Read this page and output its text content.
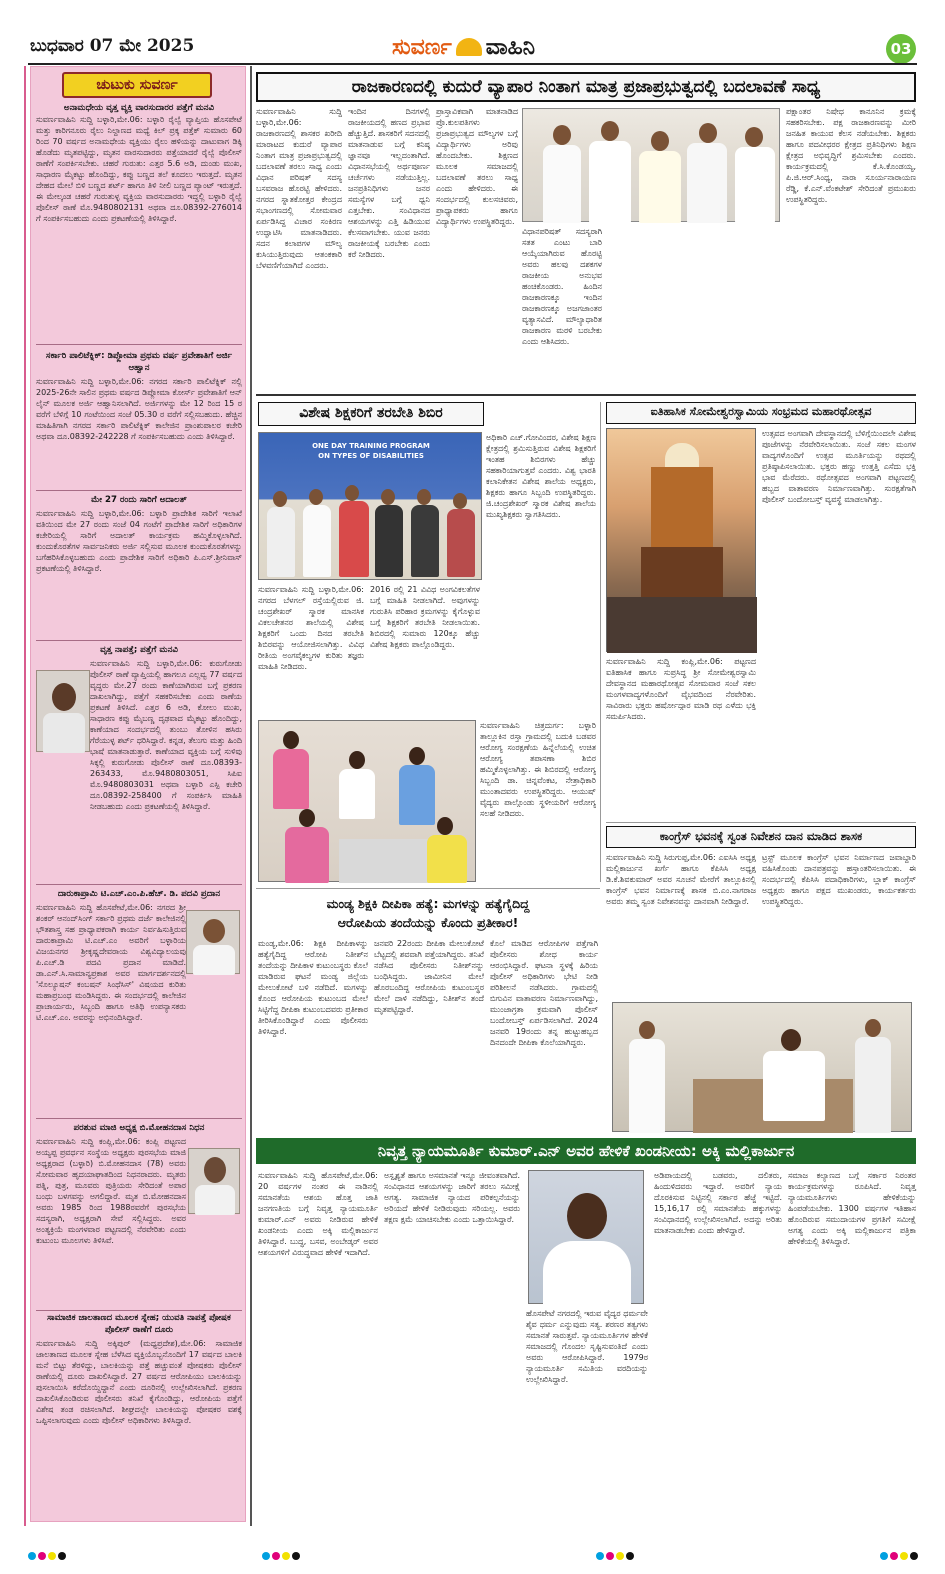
ಬುಧವಾರ 07 ಮೇ 2025	ಸುವರ್ಣ ವಾಹಿನಿ	03
ಚುಟುಕು ಸುವರ್ಣ
ಅನಾಮಧೇಯ ವೃತ್ತ ವ್ಯಕ್ತಿ ವಾರಸುದಾರರ ಪತ್ತೆಗೆ ಮನವಿ
ಸುವರ್ಣವಾಹಿನಿ ಸುದ್ದಿ ಬಳ್ಳಾರಿ,ಮೇ.06: ಬಳ್ಳಾರಿ ರೈಲ್ವೆ ವ್ಯಾಪ್ತಿಯ ಹೊಸಪೇಟೆ ಮತ್ತು ಕಾರಿಗನೂರು ರೈಲು ನಿಲ್ದಾಣದ ಮಧ್ಯೆ ಕಿಲ್ ಪ್ರಕ್ಕ ಪತ್ತೆಕ್ ಸುಮಾರು 60 ರಿಂದ 70 ವರ್ಷದ ಅನಾಮಧೇಯ ವ್ಯಕ್ತಿಯು ರೈಲು ಹಳಿಯನ್ನು ದಾಟುವಾಗ ಡಿಕ್ಕಿ ಹೊಡೆದು ಮೃತಪಟ್ಟಿದ್ದು, ಮೃತನ ವಾರಸುದಾರರು ಪತ್ತೆಯಾದರೆ ರೈಲ್ವೆ ಪೊಲೀಸ್ ಠಾಣೆಗೆ ಸಂಪರ್ಕಿಸಬೇಕು. ಚಹರೆ ಗುರುತು: ಎತ್ತರ 5.6 ಅಡಿ, ದುಂಡು ಮುಖ, ಸಾಧಾರಣ ಮೈಕಟ್ಟು ಹೊಂದಿದ್ದು, ಕಪ್ಪು ಬಣ್ಣದ ತಲೆ ಕೂದಲು ಇರುತ್ತದೆ. ಮೃತನ ದೇಹದ ಮೇಲೆ ಬಿಳಿ ಬಣ್ಣದ ಶರ್ಟ್ ಹಾಗೂ ತಿಳಿ ನೀಲಿ ಬಣ್ಣದ ಪ್ಯಾಂಟ್ ಇರುತ್ತದೆ. ಈ ಮೇಲ್ಕಂಡ ಚಹರೆ ಗುರುತುಳ್ಳ ವ್ಯಕ್ತಿಯ ವಾರಸುದಾರರು ಇದ್ದಲ್ಲಿ ಬಳ್ಳಾರಿ ರೈಲ್ವೆ ಪೊಲೀಸ್ ಠಾಣೆ ಮೊ.9480802131 ಅಥವಾ ದೂ.08392-276014 ಗೆ ಸಂಪರ್ಕಿಸಬಹುದು ಎಂದು ಪ್ರಕಟಣೆಯಲ್ಲಿ ತಿಳಿಸಿದ್ದಾರೆ.
ಸರ್ಕಾರಿ ಪಾಲಿಟೆಕ್ನಿಕ್: ಡಿಪ್ಲೋಮಾ ಪ್ರಥಮ ವರ್ಷ ಪ್ರವೇಶಾತಿಗೆ ಅರ್ಜಿ ಆಹ್ವಾನ
ಸುವರ್ಣವಾಹಿನಿ ಸುದ್ದಿ ಬಳ್ಳಾರಿ,ಮೇ.06: ನಗರದ ಸರ್ಕಾರಿ ಪಾಲಿಟೆಕ್ನಿಕ್ ನಲ್ಲಿ 2025-26ನೇ ಸಾಲಿನ ಪ್ರಥಮ ವರ್ಷದ ಡಿಪ್ಲೋಮಾ ಕೋರ್ಸ್ ಪ್ರವೇಶಾತಿಗೆ ಆನ್ ಲೈನ್ ಮೂಲಕ ಅರ್ಜಿ ಆಹ್ವಾನಿಸಲಾಗಿದೆ. ಅರ್ಜಿಗಳನ್ನು ಮೇ 12 ರಿಂದ 15 ರ ವರೆಗೆ ಬೆಳಿಗ್ಗೆ 10 ಗಂಟೆಯಿಂದ ಸಂಜೆ 05.30 ರ ವರೆಗೆ ಸಲ್ಲಿಸಬಹುದು. ಹೆಚ್ಚಿನ ಮಾಹಿತಿಗಾಗಿ ನಗರದ ಸರ್ಕಾರಿ ಪಾಲಿಟೆಕ್ನಿಕ್ ಕಾಲೇಜಿನ ಪ್ರಾಂಶುಪಾಲರ ಕಚೇರಿ ಅಥವಾ ದೂ.08392-242228 ಗೆ ಸಂಪರ್ಕಿಸಬಹುದು ಎಂದು ತಿಳಿಸಿದ್ದಾರೆ.
ಮೇ 27 ರಂದು ಸಾರಿಗೆ ಅದಾಲತ್
ಸುವರ್ಣವಾಹಿನಿ ಸುದ್ದಿ ಬಳ್ಳಾರಿ,ಮೇ.06: ಬಳ್ಳಾರಿ ಪ್ರಾದೇಶಿಕ ಸಾರಿಗೆ ಇಲಾಖೆ ವತಿಯಿಂದ ಮೇ 27 ರಂದು ಸಂಜೆ 04 ಗಂಟೆಗೆ ಪ್ರಾದೇಶಿಕ ಸಾರಿಗೆ ಅಧಿಕಾರಿಗಳ ಕಚೇರಿಯಲ್ಲಿ ಸಾರಿಗೆ ಅದಾಲತ್ ಕಾರ್ಯಕ್ರಮ ಹಮ್ಮಿಕೊಳ್ಳಲಾಗಿದೆ. ಕುಂದುಕೊರತೆಗಳ ಸಾರ್ವಜನಿಕರು ಅರ್ಜಿ ಸಲ್ಲಿಸುವ ಮೂಲಕ ಕುಂದುಕೊರತೆಗಳನ್ನು ಬಗೆಹರಿಸಿಕೊಳ್ಳಬಹುದು ಎಂದು ಪ್ರಾದೇಶಿಕ ಸಾರಿಗೆ ಅಧಿಕಾರಿ ಪಿ.ಎಸ್.ಶ್ರೀನಿವಾಸ್ ಪ್ರಕಟಣೆಯಲ್ಲಿ ತಿಳಿಸಿದ್ದಾರೆ.
ವೃತ್ತ ನಾಪತ್ತೆ; ಪತ್ತೆಗೆ ಮನವಿ
ಸುವರ್ಣವಾಹಿನಿ ಸುದ್ದಿ ಬಳ್ಳಾರಿ,ಮೇ.06: ಕುರುಗೋಡು ಪೊಲೀಸ್ ಠಾಣೆ ವ್ಯಾಪ್ತಿಯಲ್ಲಿ ಹಾಗಲೂ ಎಲ್ಲವ್ವ 77 ವರ್ಷದ ವೃದ್ಧರು ಮೇ.27 ರಂದು ಕಾಣೆಯಾಗಿರುವ ಬಗ್ಗೆ ಪ್ರಕರಣ ದಾಖಲಾಗಿದ್ದು, ಪತ್ತೆಗೆ ಸಹಕರಿಸಬೇಕು ಎಂದು ಠಾಣೆಯ ಪ್ರಕಟಣೆ ತಿಳಿಸಿದೆ. ಎತ್ತರ 6 ಅಡಿ, ಕೋಲು ಮುಖ, ಸಾಧಾರಣ ಕಪ್ಪು ಮೈಬಣ್ಣ ದೃಢವಾದ ಮೈಕಟ್ಟು ಹೊಂದಿದ್ದು, ಕಾಣೆಯಾದ ಸಂದರ್ಭದಲ್ಲಿ ತುಂಬು ತೋಳಿನ ಹಸಿರು ಗೆರೆಯುಳ್ಳ ಶರ್ಟ್ ಧರಿಸಿದ್ದಾರೆ. ಕನ್ನಡ, ತೆಲುಗು ಮತ್ತು ಹಿಂದಿ ಭಾಷೆ ಮಾತನಾಡುತ್ತಾರೆ. ಕಾಣೆಯಾದ ವ್ಯಕ್ತಿಯ ಬಗ್ಗೆ ಸುಳಿವು ಸಿಕ್ಕಲ್ಲಿ ಕುರುಗೋಡು ಪೊಲೀಸ್ ಠಾಣೆ ದೂ.08393-263433, ಮೊ.9480803051, ಸಿಪಿಐ ಮೊ.9480803031 ಅಥವಾ ಬಳ್ಳಾರಿ ಎಸ್ಪಿ ಕಚೇರಿ ದೂ.08392-258400 ಗೆ ಸಂಪರ್ಕಿಸಿ ಮಾಹಿತಿ ನೀಡಬಹುದು ಎಂದು ಪ್ರಕಟಣೆಯಲ್ಲಿ ತಿಳಿಸಿದ್ದಾರೆ.
ದಾರುಕಾಪ್ರಾಮಿ ಟಿ.ಎಚ್.ಎಂ.ಪಿ.ಹೆಚ್. ಡಿ. ಪದವಿ ಪ್ರದಾನ
ಸುವರ್ಣವಾಹಿನಿ ಸುದ್ದಿ ಹೊಸಪೇಟೆ,ಮೇ.06: ನಗರದ ಶ್ರೀ ಶಂಕರ್ ಆನಂದ್‌ಸಿಂಗ್ ಸರ್ಕಾರಿ ಪ್ರಥಮ ದರ್ಜೆ ಕಾಲೇಜಿನಲ್ಲಿ ಭೌತಶಾಸ್ತ್ರ ಸಹ ಪ್ರಾಧ್ಯಾಪಕರಾಗಿ ಕಾರ್ಯ ನಿರ್ವಹಿಸುತ್ತಿರುವ ದಾರುಕಾಪ್ರಾಮಿ ಟಿ.ಎಚ್.ಎಂ ಅವರಿಗೆ ಬಳ್ಳಾರಿಯ ವಿಜಯನಗರ ಶ್ರೀಕೃಷ್ಣದೇವರಾಯ ವಿಶ್ವವಿದ್ಯಾಲಯವು ಪಿ.ಎಚ್.ಡಿ ಪದವಿ ಪ್ರದಾನ ಮಾಡಿದೆ. ಡಾ.ಎನ್.ಸಿ.ಸಾಮಾನ್ಯಪ್ರಕಾಶ ಅವರ ಮಾರ್ಗದರ್ಶನದಲ್ಲಿ 'ಸೊಲ್ಯೂಷನ್ ಕಂಬಷನ್ ಸಿಂಥೆಸಿಸ್' ವಿಷಯದ ಕುರಿತು ಮಹಾಪ್ರಬಂಧ ಮಂಡಿಸಿದ್ದರು. ಈ ಸಂದರ್ಭದಲ್ಲಿ ಕಾಲೇಜಿನ ಪ್ರಾಚಾರ್ಯರು, ಸಿಬ್ಬಂದಿ ಹಾಗೂ ಅತಿಥಿ ಉಪನ್ಯಾಸಕರು ಟಿ.ಎಚ್.ಎಂ. ಅವರನ್ನು ಅಭಿನಂದಿಸಿದ್ದಾರೆ.
ಪರಶುವ ಮಾಜಿ ಅಧ್ಯಕ್ಷ ಬಿ.ಮೋಹನದಾಸ ನಿಧನ
ಸುವರ್ಣವಾಹಿನಿ ಸುದ್ದಿ ಕಂಪ್ಲಿ,ಮೇ.06: ಕಂಪ್ಲಿ ಪಟ್ಟಣದ ಅಯ್ಯಪ್ಪ ಪ್ರವರ್ಧನ ಸಂಸ್ಥೆಯ ಅಧ್ಯಕ್ಷರು ಪುರಸಭೆಯ ಮಾಜಿ ಅಧ್ಯಕ್ಷರಾದ (ಬಳ್ಳಾರಿ) ಬಿ.ಮೋಹನದಾಸ (78) ಅವರು ಸೋಮವಾರ ಹೃದಯಾಘಾತದಿಂದ ನಿಧನರಾದರು. ಮೃತರು ಪತ್ನಿ, ಪುತ್ರ, ಮೂವರು ಪುತ್ರಿಯರು ಸೇರಿದಂತೆ ಅಪಾರ ಬಂಧು ಬಳಗವನ್ನು ಅಗಲಿದ್ದಾರೆ. ಮೃತ ಬಿ.ಮೋಹನದಾಸ ಅವರು 1985 ರಿಂದ 1988ರವರೆಗೆ ಪುರಸಭೆಯ ಸದಸ್ಯರಾಗಿ, ಅಧ್ಯಕ್ಷರಾಗಿ ಸೇವೆ ಸಲ್ಲಿಸಿದ್ದರು. ಅವರ ಅಂತ್ಯಕ್ರಿಯೆ ಮಂಗಳವಾರ ಪಟ್ಟಣದಲ್ಲಿ ನೆರವೇರಿತು ಎಂದು ಕುಟುಂಬ ಮೂಲಗಳು ತಿಳಿಸಿವೆ.
ಸಾಮಾಜಿಕ ಜಾಲತಾಣದ ಮೂಲಕ ಸ್ನೇಹ; ಯುವತಿ ನಾಪತ್ತೆ ಪೋಷಕ ಪೊಲೀಸ್ ಠಾಣೆಗೆ ದೂರು
ಸುವರ್ಣವಾಹಿನಿ ಸುದ್ದಿ ಅಕ್ಕಿಪುರ್‌ (ಮಧ್ಯಪ್ರದೇಶ),ಮೇ.06: ಸಾಮಾಜಿಕ ಜಾಲತಾಣದ ಮೂಲಕ ಸ್ನೇಹ ಬೆಳೆಸಿದ ವ್ಯಕ್ತಿಯೊಬ್ಬನೊಂದಿಗೆ 17 ವರ್ಷದ ಬಾಲಕಿ ಮನೆ ಬಿಟ್ಟು ತೆರಳಿದ್ದು, ಬಾಲಕಿಯನ್ನು ಪತ್ತೆ ಹಚ್ಚುವಂತೆ ಪೋಷಕರು ಪೊಲೀಸ್ ಠಾಣೆಯಲ್ಲಿ ದೂರು ದಾಖಲಿಸಿದ್ದಾರೆ. 27 ವರ್ಷದ ಆರೋಪಿಯು ಬಾಲಕಿಯನ್ನು ಪುಸಲಾಯಿಸಿ ಕರೆದೊಯ್ದಿದ್ದಾನೆ ಎಂದು ದೂರಿನಲ್ಲಿ ಉಲ್ಲೇಖಿಸಲಾಗಿದೆ. ಪ್ರಕರಣ ದಾಖಲಿಸಿಕೊಂಡಿರುವ ಪೊಲೀಸರು ತನಿಖೆ ಕೈಗೊಂಡಿದ್ದು, ಆರೋಪಿಯ ಪತ್ತೆಗೆ ವಿಶೇಷ ತಂಡ ರಚಿಸಲಾಗಿದೆ. ಶೀಘ್ರದಲ್ಲೇ ಬಾಲಕಿಯನ್ನು ಪೋಷಕರ ವಶಕ್ಕೆ ಒಪ್ಪಿಸಲಾಗುವುದು ಎಂದು ಪೊಲೀಸ್ ಅಧಿಕಾರಿಗಳು ತಿಳಿಸಿದ್ದಾರೆ.
ರಾಜಕಾರಣದಲ್ಲಿ ಕುದುರೆ ವ್ಯಾಪಾರ ನಿಂತಾಗ ಮಾತ್ರ ಪ್ರಜಾಪ್ರಭುತ್ವದಲ್ಲಿ ಬದಲಾವಣೆ ಸಾಧ್ಯ
ಸುವರ್ಣವಾಹಿನಿ ಸುದ್ದಿ ಬಳ್ಳಾರಿ,ಮೇ.06: ರಾಜಕಾರಣದಲ್ಲಿ ಶಾಸಕರ ಖರೀದಿ ಮಾರಾಟದ ಕುದುರೆ ವ್ಯಾಪಾರ ನಿಂತಾಗ ಮಾತ್ರ ಪ್ರಜಾಪ್ರಭುತ್ವದಲ್ಲಿ ಬದಲಾವಣೆ ತರಲು ಸಾಧ್ಯ ಎಂದು ವಿಧಾನ ಪರಿಷತ್ ಸದಸ್ಯ ಬಸವರಾಜ ಹೊರಟ್ಟಿ ಹೇಳಿದರು. ನಗರದ ಸ್ನಾತಕೋತ್ತರ ಕೇಂದ್ರದ ಸಭಾಂಗಣದಲ್ಲಿ ಸೋಮವಾರ ಏರ್ಪಡಿಸಿದ್ದ ವಿಚಾರ ಸಂಕಿರಣ ಉದ್ಘಾಟಿಸಿ ಮಾತನಾಡಿದರು. ಸದನ ಕಲಾಪಗಳ ಮೌಲ್ಯ ಕುಸಿಯುತ್ತಿರುವುದು ಆತಂಕಕಾರಿ ಬೆಳವಣಿಗೆಯಾಗಿದೆ ಎಂದರು.
ಇಂದಿನ ದಿನಗಳಲ್ಲಿ ರಾಜಕೀಯದಲ್ಲಿ ಹಣದ ಪ್ರಭಾವ ಹೆಚ್ಚುತ್ತಿದೆ. ಶಾಸಕರಿಗೆ ಸದನದಲ್ಲಿ ಮಾತನಾಡುವ ಬಗ್ಗೆ ಕನಿಷ್ಠ ಜ್ಞಾನವೂ ಇಲ್ಲದಂತಾಗಿದೆ. ವಿಧಾನಸಭೆಯಲ್ಲಿ ಅರ್ಥಪೂರ್ಣ ಚರ್ಚೆಗಳು ನಡೆಯುತ್ತಿಲ್ಲ. ಜನಪ್ರತಿನಿಧಿಗಳು ಜನರ ಸಮಸ್ಯೆಗಳ ಬಗ್ಗೆ ಧ್ವನಿ ಎತ್ತಬೇಕು. ಸಂವಿಧಾನದ ಆಶಯಗಳನ್ನು ಎತ್ತಿ ಹಿಡಿಯುವ ಕೆಲಸವಾಗಬೇಕು. ಯುವ ಜನರು ರಾಜಕೀಯಕ್ಕೆ ಬರಬೇಕು ಎಂದು ಕರೆ ನೀಡಿದರು.
ಪ್ರಾಸ್ತಾವಿಕವಾಗಿ ಮಾತನಾಡಿದ ಪ್ರೊ.ಕುಲಪತಿಗಳು ಪ್ರಜಾಪ್ರಭುತ್ವದ ಮೌಲ್ಯಗಳ ಬಗ್ಗೆ ವಿದ್ಯಾರ್ಥಿಗಳು ಅರಿವು ಹೊಂದಬೇಕು. ಶಿಕ್ಷಣದ ಮೂಲಕ ಸಮಾಜದಲ್ಲಿ ಬದಲಾವಣೆ ತರಲು ಸಾಧ್ಯ ಎಂದು ಹೇಳಿದರು. ಈ ಸಂದರ್ಭದಲ್ಲಿ ಕುಲಸಚಿವರು, ಪ್ರಾಧ್ಯಾಪಕರು ಹಾಗೂ ವಿದ್ಯಾರ್ಥಿಗಳು ಉಪಸ್ಥಿತರಿದ್ದರು.
ವಿಧಾನಪರಿಷತ್ ಸದಸ್ಯರಾಗಿ ಸತತ ಎಂಟು ಬಾರಿ ಆಯ್ಕೆಯಾಗಿರುವ ಹೊರಟ್ಟಿ ಅವರು ಹಲವು ದಶಕಗಳ ರಾಜಕೀಯ ಅನುಭವ ಹಂಚಿಕೊಂಡರು. ಹಿಂದಿನ ರಾಜಕಾರಣಕ್ಕೂ ಇಂದಿನ ರಾಜಕಾರಣಕ್ಕೂ ಅಜಗಜಾಂತರ ವ್ಯತ್ಯಾಸವಿದೆ. ಮೌಲ್ಯಾಧಾರಿತ ರಾಜಕಾರಣ ಮರಳಿ ಬರಬೇಕು ಎಂದು ಆಶಿಸಿದರು.
ಪಕ್ಷಾಂತರ ನಿಷೇಧ ಕಾನೂನಿನ ಕ್ರಮಕ್ಕೆ ಸಹಕರಿಸಬೇಕು. ಪಕ್ಷ ರಾಜಕಾರಣವನ್ನು ಮೀರಿ ಜನಹಿತ ಕಾಯುವ ಕೆಲಸ ನಡೆಯಬೇಕು. ಶಿಕ್ಷಕರು ಹಾಗೂ ಪದವೀಧರರ ಕ್ಷೇತ್ರದ ಪ್ರತಿನಿಧಿಗಳು ಶಿಕ್ಷಣ ಕ್ಷೇತ್ರದ ಅಭಿವೃದ್ಧಿಗೆ ಶ್ರಮಿಸಬೇಕು ಎಂದರು. ಕಾರ್ಯಕ್ರಮದಲ್ಲಿ ಕೆ.ಸಿ.ಕೊಂಡಯ್ಯ, ಪಿ.ಜಿ.ಆರ್.ಸಿಂಧ್ಯ, ನಾರಾ ಸೂರ್ಯನಾರಾಯಣ ರೆಡ್ಡಿ, ಕೆ.ಎನ್.ವೆಂಕಟೇಶ್ ಸೇರಿದಂತೆ ಪ್ರಮುಖರು ಉಪಸ್ಥಿತರಿದ್ದರು.
ವಿಶೇಷ ಶಿಕ್ಷಕರಿಗೆ ತರಬೇತಿ ಶಿಬಿರ
ONE DAY TRAINING PROGRAM ON TYPES OF DISABILITIES
ಸುವರ್ಣವಾಹಿನಿ ಸುದ್ದಿ ಬಳ್ಳಾರಿ,ಮೇ.06: ನಗರದ ಬೆಳಗಲ್ ರಸ್ತೆಯಲ್ಲಿರುವ ಜಿ. ಚಂದ್ರಶೇಖರ್ ಸ್ಮಾರಕ ಮಾನಸಿಕ ವಿಕಲಚೇತನರ ಶಾಲೆಯಲ್ಲಿ ವಿಶೇಷ ಶಿಕ್ಷಕರಿಗೆ ಒಂದು ದಿನದ ತರಬೇತಿ ಶಿಬಿರವನ್ನು ಆಯೋಜಿಸಲಾಗಿತ್ತು. ವಿವಿಧ ರೀತಿಯ ಅಂಗವೈಕಲ್ಯಗಳ ಕುರಿತು ತಜ್ಞರು ಮಾಹಿತಿ ನೀಡಿದರು.
2016 ರಲ್ಲಿ 21 ವಿವಿಧ ಅಂಗವಿಕಲತೆಗಳ ಬಗ್ಗೆ ಮಾಹಿತಿ ನೀಡಲಾಗಿದೆ. ಅವುಗಳನ್ನು ಗುರುತಿಸಿ ಪರಿಹಾರ ಕ್ರಮಗಳನ್ನು ಕೈಗೊಳ್ಳುವ ಬಗ್ಗೆ ಶಿಕ್ಷಕರಿಗೆ ತರಬೇತಿ ನೀಡಲಾಯಿತು. ಶಿಬಿರದಲ್ಲಿ ಸುಮಾರು 120ಕ್ಕೂ ಹೆಚ್ಚು ವಿಶೇಷ ಶಿಕ್ಷಕರು ಪಾಲ್ಗೊಂಡಿದ್ದರು.
ಅಧಿಕಾರಿ ಎಚ್.ಗೋವಿಂದರ, ವಿಶೇಷ ಶಿಕ್ಷಣ ಕ್ಷೇತ್ರದಲ್ಲಿ ಶ್ರಮಿಸುತ್ತಿರುವ ವಿಶೇಷ ಶಿಕ್ಷಕರಿಗೆ ಇಂತಹ ಶಿಬಿರಗಳು ಹೆಚ್ಚು ಸಹಕಾರಿಯಾಗುತ್ತವೆ ಎಂದರು. ವಿಶ್ವ ಭಾರತಿ ಕಲಾನಿಕೇತನ ವಿಶೇಷ ಶಾಲೆಯ ಅಧ್ಯಕ್ಷರು, ಶಿಕ್ಷಕರು ಹಾಗೂ ಸಿಬ್ಬಂದಿ ಉಪಸ್ಥಿತರಿದ್ದರು. ಜಿ.ಚಂದ್ರಶೇಖರ್ ಸ್ಮಾರಕ ವಿಶೇಷ ಶಾಲೆಯ ಮುಖ್ಯಶಿಕ್ಷಕರು ಸ್ವಾಗತಿಸಿದರು.
ಸುವರ್ಣವಾಹಿನಿ ಚಿತ್ರದುರ್ಗ: ಬಳ್ಳಾರಿ ತಾಲ್ಲೂಕಿನ ರಸ್ತಾ ಗ್ರಾಮದಲ್ಲಿ ಬದುಕಿ ಬಡವರ ಆರೋಗ್ಯ ಸಂರಕ್ಷಣೆಯ ಹಿನ್ನೆಲೆಯಲ್ಲಿ ಉಚಿತ ಆರೋಗ್ಯ ತಪಾಸಣಾ ಶಿಬಿರ ಹಮ್ಮಿಕೊಳ್ಳಲಾಗಿತ್ತು. ಈ ಶಿಬಿರದಲ್ಲಿ ಆರೋಗ್ಯ ಸಿಬ್ಬಂದಿ ಡಾ. ಚಿನ್ನವೆಂಕಟ, ನೇತ್ರಾಧಿಕಾರಿ ಮುಂತಾದವರು ಉಪಸ್ಥಿತರಿದ್ದರು. ಆಯುಷ್ ವೈದ್ಯರು ಪಾಲ್ಗೊಂಡು ಸ್ಥಳೀಯರಿಗೆ ಆರೋಗ್ಯ ಸಲಹೆ ನೀಡಿದರು.
ಐತಿಹಾಸಿಕ ಸೋಮೇಶ್ವರಸ್ವಾಮಿಯ ಸಂಭ್ರಮದ ಮಹಾರಥೋತ್ಸವ
ಸುವರ್ಣವಾಹಿನಿ ಸುದ್ದಿ ಕಂಪ್ಲಿ,ಮೇ.06: ಪಟ್ಟಣದ ಐತಿಹಾಸಿಕ ಹಾಗೂ ಸುಪ್ರಸಿದ್ಧ ಶ್ರೀ ಸೋಮೇಶ್ವರಸ್ವಾಮಿ ದೇವಸ್ಥಾನದ ಮಹಾರಥೋತ್ಸವ ಸೋಮವಾರ ಸಂಜೆ ಸಕಲ ಮಂಗಳವಾದ್ಯಗಳೊಂದಿಗೆ ವೈಭವದಿಂದ ನೆರವೇರಿತು. ಸಾವಿರಾರು ಭಕ್ತರು ಹರ್ಷೋದ್ಗಾರ ಮಾಡಿ ರಥ ಎಳೆದು ಭಕ್ತಿ ಸಮರ್ಪಿಸಿದರು.
ಉತ್ಸವದ ಅಂಗವಾಗಿ ದೇವಸ್ಥಾನದಲ್ಲಿ ಬೆಳಿಗ್ಗೆಯಿಂದಲೇ ವಿಶೇಷ ಪೂಜೆಗಳನ್ನು ನೆರವೇರಿಸಲಾಯಿತು. ಸಂಜೆ ಸಕಲ ಮಂಗಳ ವಾದ್ಯಗಳೊಂದಿಗೆ ಉತ್ಸವ ಮೂರ್ತಿಯನ್ನು ರಥದಲ್ಲಿ ಪ್ರತಿಷ್ಠಾಪಿಸಲಾಯಿತು. ಭಕ್ತರು ಹಣ್ಣು ಉತ್ತತ್ತಿ ಎಸೆದು ಭಕ್ತಿ ಭಾವ ಮೆರೆದರು. ರಥೋತ್ಸವದ ಅಂಗವಾಗಿ ಪಟ್ಟಣದಲ್ಲಿ ಹಬ್ಬದ ವಾತಾವರಣ ನಿರ್ಮಾಣವಾಗಿತ್ತು. ಸುರಕ್ಷತೆಗಾಗಿ ಪೊಲೀಸ್ ಬಂದೋಬಸ್ತ್ ವ್ಯವಸ್ಥೆ ಮಾಡಲಾಗಿತ್ತು.
ಕಾಂಗ್ರೆಸ್ ಭವನಕ್ಕೆ ಸ್ವಂತ ನಿವೇಶನ ದಾನ ಮಾಡಿದ ಶಾಸಕ
ಸುವರ್ಣವಾಹಿನಿ ಸುದ್ದಿ ಸಿರುಗುಪ್ಪ,ಮೇ.06: ಎಐಸಿಸಿ ಅಧ್ಯಕ್ಷ ಮಲ್ಲಿಕಾರ್ಜುನ ಖರ್ಗೆ ಹಾಗೂ ಕೆಪಿಸಿಸಿ ಅಧ್ಯಕ್ಷ ಡಿ.ಕೆ.ಶಿವಕುಮಾರ್ ಅವರ ಸೂಚನೆ ಮೇರೆಗೆ ತಾಲ್ಲೂಕಿನಲ್ಲಿ ಕಾಂಗ್ರೆಸ್ ಭವನ ನಿರ್ಮಾಣಕ್ಕೆ ಶಾಸಕ ಬಿ.ಎಂ.ನಾಗರಾಜ ಅವರು ತಮ್ಮ ಸ್ವಂತ ನಿವೇಶನವನ್ನು ದಾನವಾಗಿ ನೀಡಿದ್ದಾರೆ.
ಟ್ರಸ್ಟ್ ಮೂಲಕ ಕಾಂಗ್ರೆಸ್ ಭವನ ನಿರ್ಮಾಣದ ಜವಾಬ್ದಾರಿ ವಹಿಸಿಕೊಂಡು ದಾನಪತ್ರವನ್ನು ಹಸ್ತಾಂತರಿಸಲಾಯಿತು. ಈ ಸಂದರ್ಭದಲ್ಲಿ ಕೆಪಿಸಿಸಿ ಪದಾಧಿಕಾರಿಗಳು, ಬ್ಲಾಕ್ ಕಾಂಗ್ರೆಸ್ ಅಧ್ಯಕ್ಷರು ಹಾಗೂ ಪಕ್ಷದ ಮುಖಂಡರು, ಕಾರ್ಯಕರ್ತರು ಉಪಸ್ಥಿತರಿದ್ದರು.
ಮಂಡ್ಯ ಶಿಕ್ಷಕಿ ದೀಪಿಕಾ ಹತ್ಯೆ: ಮಗಳನ್ನು ಹತ್ಯೆಗೈದಿದ್ದ
ಆರೋಪಿಯ ತಂದೆಯನ್ನು ಕೊಂದು ಪ್ರತೀಕಾರ!
ಮಂಡ್ಯ,ಮೇ.06: ಶಿಕ್ಷಕಿ ದೀಪಿಕಾಳನ್ನು ಹತ್ಯೆಗೈದಿದ್ದ ಆರೋಪಿ ನಿತೀಶ್‌ನ ತಂದೆಯನ್ನು ದೀಪಿಕಾಳ ಕುಟುಂಬಸ್ಥರು ಕೊಲೆ ಮಾಡಿರುವ ಘಟನೆ ಮಂಡ್ಯ ಜಿಲ್ಲೆಯ ಮೇಲುಕೋಟೆ ಬಳಿ ನಡೆದಿದೆ. ಮಗಳನ್ನು ಕೊಂದ ಆರೋಪಿಯ ಕುಟುಂಬದ ಮೇಲೆ ಸಿಟ್ಟಿಗೆದ್ದ ದೀಪಿಕಾ ಕುಟುಂಬದವರು ಪ್ರತೀಕಾರ ತೀರಿಸಿಕೊಂಡಿದ್ದಾರೆ ಎಂದು ಪೊಲೀಸರು ತಿಳಿಸಿದ್ದಾರೆ.
ಜನವರಿ 22ರಂದು ದೀಪಿಕಾ ಮೇಲುಕೋಟೆ ಬೆಟ್ಟದಲ್ಲಿ ಶವವಾಗಿ ಪತ್ತೆಯಾಗಿದ್ದರು. ತನಿಖೆ ನಡೆಸಿದ ಪೊಲೀಸರು ನಿತೀಶ್‌ನನ್ನು ಬಂಧಿಸಿದ್ದರು. ಜಾಮೀನಿನ ಮೇಲೆ ಹೊರಬಂದಿದ್ದ ಆರೋಪಿಯ ಕುಟುಂಬಸ್ಥರ ಮೇಲೆ ದಾಳಿ ನಡೆದಿದ್ದು, ನಿತೀಶ್‌ನ ತಂದೆ ಮೃತಪಟ್ಟಿದ್ದಾರೆ.
ಕೊಲೆ ಮಾಡಿದ ಆರೋಪಿಗಳ ಪತ್ತೆಗಾಗಿ ಪೊಲೀಸರು ಶೋಧ ಕಾರ್ಯ ಆರಂಭಿಸಿದ್ದಾರೆ. ಘಟನಾ ಸ್ಥಳಕ್ಕೆ ಹಿರಿಯ ಪೊಲೀಸ್ ಅಧಿಕಾರಿಗಳು ಭೇಟಿ ನೀಡಿ ಪರಿಶೀಲನೆ ನಡೆಸಿದರು. ಗ್ರಾಮದಲ್ಲಿ ಬಿಗುವಿನ ವಾತಾವರಣ ನಿರ್ಮಾಣವಾಗಿದ್ದು, ಮುಂಜಾಗ್ರತಾ ಕ್ರಮವಾಗಿ ಪೊಲೀಸ್ ಬಂದೋಬಸ್ತ್ ಏರ್ಪಡಿಸಲಾಗಿದೆ. 2024 ಜನವರಿ 19ರಂದು ತನ್ನ ಹುಟ್ಟುಹಬ್ಬದ ದಿನದಂದೇ ದೀಪಿಕಾ ಕೊಲೆಯಾಗಿದ್ದರು.
ನಿವೃತ್ತ ನ್ಯಾಯಮೂರ್ತಿ ಕುಮಾರ್.ಎನ್ ಅವರ ಹೇಳಿಕೆ ಖಂಡನೀಯ: ಅಕ್ಕಿ ಮಲ್ಲಿಕಾರ್ಜುನ
ಸುವರ್ಣವಾಹಿನಿ ಸುದ್ದಿ ಹೊಸಪೇಟೆ,ಮೇ.06: 20 ವರ್ಷಗಳ ನಂತರ ಈ ನಾಡಿನಲ್ಲಿ ಸಮಾನತೆಯ ಆಶಯ ಹೊತ್ತ ಜಾತಿ ಜನಗಣತಿಯ ಬಗ್ಗೆ ನಿವೃತ್ತ ನ್ಯಾಯಮೂರ್ತಿ ಕುಮಾರ್.ಎನ್ ಅವರು ನೀಡಿರುವ ಹೇಳಿಕೆ ಖಂಡನೀಯ ಎಂದು ಅಕ್ಕಿ ಮಲ್ಲಿಕಾರ್ಜುನ ತಿಳಿಸಿದ್ದಾರೆ. ಬುದ್ಧ, ಬಸವ, ಅಂಬೇಡ್ಕರ್ ಅವರ ಆಶಯಗಳಿಗೆ ವಿರುದ್ಧವಾದ ಹೇಳಿಕೆ ಇದಾಗಿದೆ.
ಅಸ್ಪೃಶ್ಯತೆ ಹಾಗೂ ಅಸಮಾನತೆ ಇನ್ನೂ ಜೀವಂತವಾಗಿದೆ. ಸಂವಿಧಾನದ ಆಶಯಗಳನ್ನು ಜಾರಿಗೆ ತರಲು ಸಮೀಕ್ಷೆ ಅಗತ್ಯ. ಸಾಮಾಜಿಕ ನ್ಯಾಯದ ಪರಿಕಲ್ಪನೆಯನ್ನು ಅರಿಯದೆ ಹೇಳಿಕೆ ನೀಡಿರುವುದು ಸರಿಯಲ್ಲ. ಅವರು ತಕ್ಷಣ ಕ್ಷಮೆ ಯಾಚಿಸಬೇಕು ಎಂದು ಒತ್ತಾಯಿಸಿದ್ದಾರೆ.
ಹೊಸಪೇಟೆ ನಗರದಲ್ಲಿ ಇರುವ ವೈದ್ಯರ ಧರ್ಮವೇ ಶೈವ ಧರ್ಮ ಎನ್ನುವುದು ಸತ್ಯ. ಶರಣರ ತತ್ವಗಳು ಸಮಾನತೆ ಸಾರುತ್ತವೆ. ನ್ಯಾಯಮೂರ್ತಿಗಳ ಹೇಳಿಕೆ ಸಮಾಜದಲ್ಲಿ ಗೊಂದಲ ಸೃಷ್ಟಿಸುವಂತಿದೆ ಎಂದು ಅವರು ಆರೋಪಿಸಿದ್ದಾರೆ. 1979ರ ನ್ಯಾಯಮೂರ್ತಿ ಸಮಿತಿಯ ವರದಿಯನ್ನು ಉಲ್ಲೇಖಿಸಿದ್ದಾರೆ.
ಅಡಿಪಾಯದಲ್ಲಿ ಬಡವರು, ದಲಿತರು, ಹಿಂದುಳಿದವರು ಇದ್ದಾರೆ. ಅವರಿಗೆ ನ್ಯಾಯ ದೊರಕಿಸುವ ನಿಟ್ಟಿನಲ್ಲಿ ಸರ್ಕಾರ ಹೆಜ್ಜೆ ಇಟ್ಟಿದೆ. 15,16,17 ರಲ್ಲಿ ಸಮಾನತೆಯ ಹಕ್ಕುಗಳನ್ನು ಸಂವಿಧಾನದಲ್ಲಿ ಉಲ್ಲೇಖಿಸಲಾಗಿದೆ. ಅದನ್ನು ಅರಿತು ಮಾತನಾಡಬೇಕು ಎಂದು ಹೇಳಿದ್ದಾರೆ.
ಸಮಾಜ ಕಲ್ಯಾಣದ ಬಗ್ಗೆ ಸರ್ಕಾರ ನಿರಂತರ ಕಾರ್ಯಕ್ರಮಗಳನ್ನು ರೂಪಿಸಿದೆ. ನಿವೃತ್ತ ನ್ಯಾಯಮೂರ್ತಿಗಳು ಹೇಳಿಕೆಯನ್ನು ಹಿಂಪಡೆಯಬೇಕು. 1300 ವರ್ಷಗಳ ಇತಿಹಾಸ ಹೊಂದಿರುವ ಸಮುದಾಯಗಳ ಪ್ರಗತಿಗೆ ಸಮೀಕ್ಷೆ ಅಗತ್ಯ ಎಂದು ಅಕ್ಕಿ ಮಲ್ಲಿಕಾರ್ಜುನ ಪತ್ರಿಕಾ ಹೇಳಿಕೆಯಲ್ಲಿ ತಿಳಿಸಿದ್ದಾರೆ.
